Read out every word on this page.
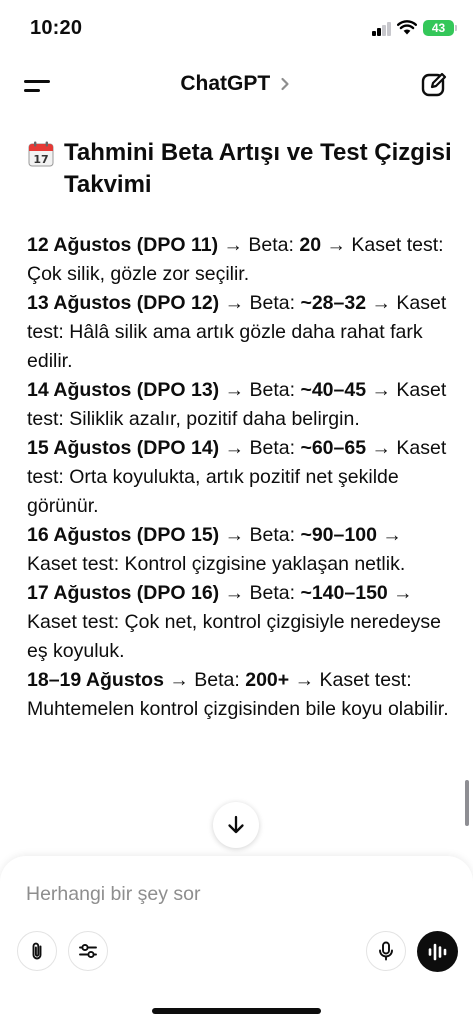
10:20	43
ChatGPT
17 Tahmini Beta Artışı ve Test Çizgisi Takvimi
12 Ağustos (DPO 11) → Beta: 20 → Kaset test: Çok silik, gözle zor seçilir.
13 Ağustos (DPO 12) → Beta: ~28–32 → Kaset test: Hâlâ silik ama artık gözle daha rahat fark edilir.
14 Ağustos (DPO 13) → Beta: ~40–45 → Kaset test: Siliklik azalır, pozitif daha belirgin.
15 Ağustos (DPO 14) → Beta: ~60–65 → Kaset test: Orta koyulukta, artık pozitif net şekilde görünür.
16 Ağustos (DPO 15) → Beta: ~90–100 → Kaset test: Kontrol çizgisine yaklaşan netlik.
17 Ağustos (DPO 16) → Beta: ~140–150 → Kaset test: Çok net, kontrol çizgisiyle neredeyse eş koyuluk.
18–19 Ağustos → Beta: 200+ → Kaset test: Muhtemelen kontrol çizgisinden bile koyu olabilir.
Herhangi bir şey sor
